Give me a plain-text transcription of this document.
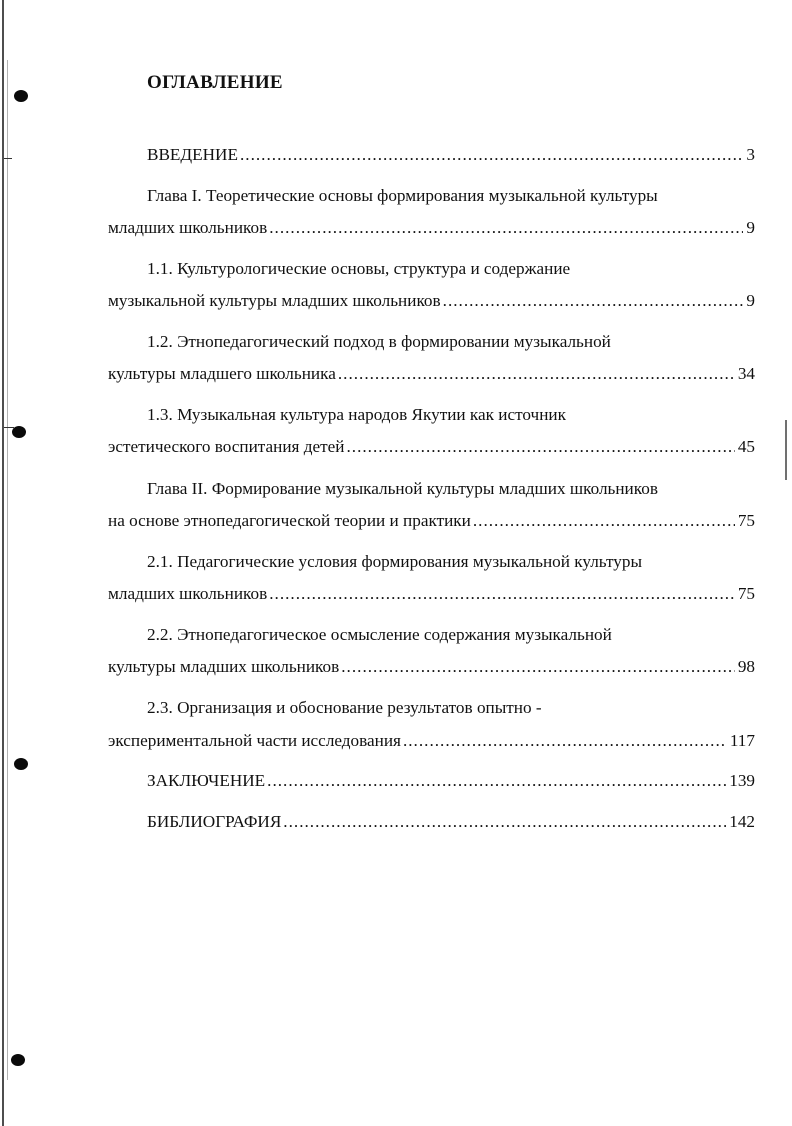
ОГЛАВЛЕНИЕ
ВВЕДЕНИЕ .....	3
Глава I. Теоретические основы формирования музыкальной культуры
младших школьников .....	9
1.1. Культурологические основы, структура и содержание
музыкальной культуры младших школьников .....	9
1.2. Этнопедагогический подход в формировании музыкальной
культуры младшего школьника .....	34
1.3. Музыкальная культура народов Якутии как источник
эстетического воспитания детей .....	45
Глава II. Формирование музыкальной культуры младших школьников
на основе этнопедагогической теории и практики .....	75
2.1. Педагогические условия формирования музыкальной культуры
младших школьников .....	75
2.2. Этнопедагогическое осмысление содержания музыкальной
культуры младших школьников .....	98
2.3. Организация и обоснование результатов опытно -
экспериментальной части исследования .....	117
ЗАКЛЮЧЕНИЕ .....	139
БИБЛИОГРАФИЯ .....	142
